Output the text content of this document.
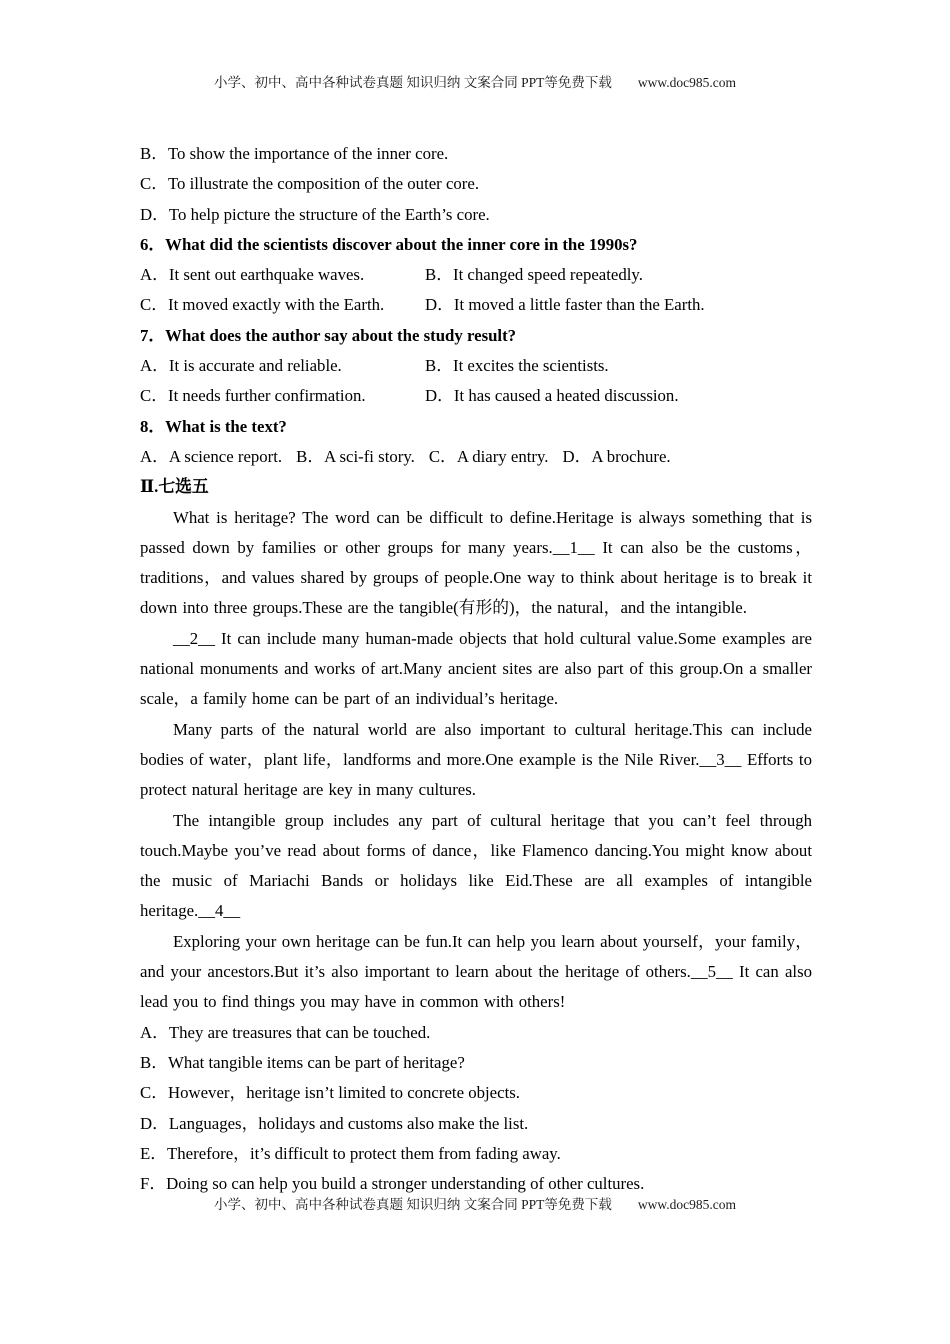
小学、初中、高中各种试卷真题 知识归纳 文案合同 PPT等免费下载 www.doc985.com
B．To show the importance of the inner core.
C．To illustrate the composition of the outer core.
D．To help picture the structure of the Earth’s core.
6．What did the scientists discover about the inner core in the 1990s?
A．It sent out earthquake waves.	B．It changed speed repeatedly.
C．It moved exactly with the Earth.	D．It moved a little faster than the Earth.
7．What does the author say about the study result?
A．It is accurate and reliable.	B．It excites the scientists.
C．It needs further confirmation.	D．It has caused a heated discussion.
8．What is the text?
A．A science report. B．A sci-fi story. C．A diary entry. D．A brochure.
Ⅱ.七选五

What is heritage? The word can be difficult to define.Heritage is always something that is passed down by families or other groups for many years.__1__ It can also be the customs，traditions，and values shared by groups of people.One way to think about heritage is to break it down into three groups.These are the tangible(有形的)，the natural，and the intangible.

__2__ It can include many human-made objects that hold cultural value.Some examples are national monuments and works of art.Many ancient sites are also part of this group.On a smaller scale，a family home can be part of an individual’s heritage.

Many parts of the natural world are also important to cultural heritage.This can include bodies of water，plant life，landforms and more.One example is the Nile River.__3__ Efforts to protect natural heritage are key in many cultures.

The intangible group includes any part of cultural heritage that you can’t feel through touch.Maybe you’ve read about forms of dance，like Flamenco dancing.You might know about the music of Mariachi Bands or holidays like Eid.These are all examples of intangible heritage.__4__

Exploring your own heritage can be fun.It can help you learn about yourself，your family，and your ancestors.But it’s also important to learn about the heritage of others.__5__ It can also lead you to find things you may have in common with others!

A．They are treasures that can be touched.
B．What tangible items can be part of heritage?
C．However，heritage isn’t limited to concrete objects.
D．Languages，holidays and customs also make the list.
E．Therefore，it’s difficult to protect them from fading away.
F．Doing so can help you build a stronger understanding of other cultures.
小学、初中、高中各种试卷真题 知识归纳 文案合同 PPT等免费下载 www.doc985.com
